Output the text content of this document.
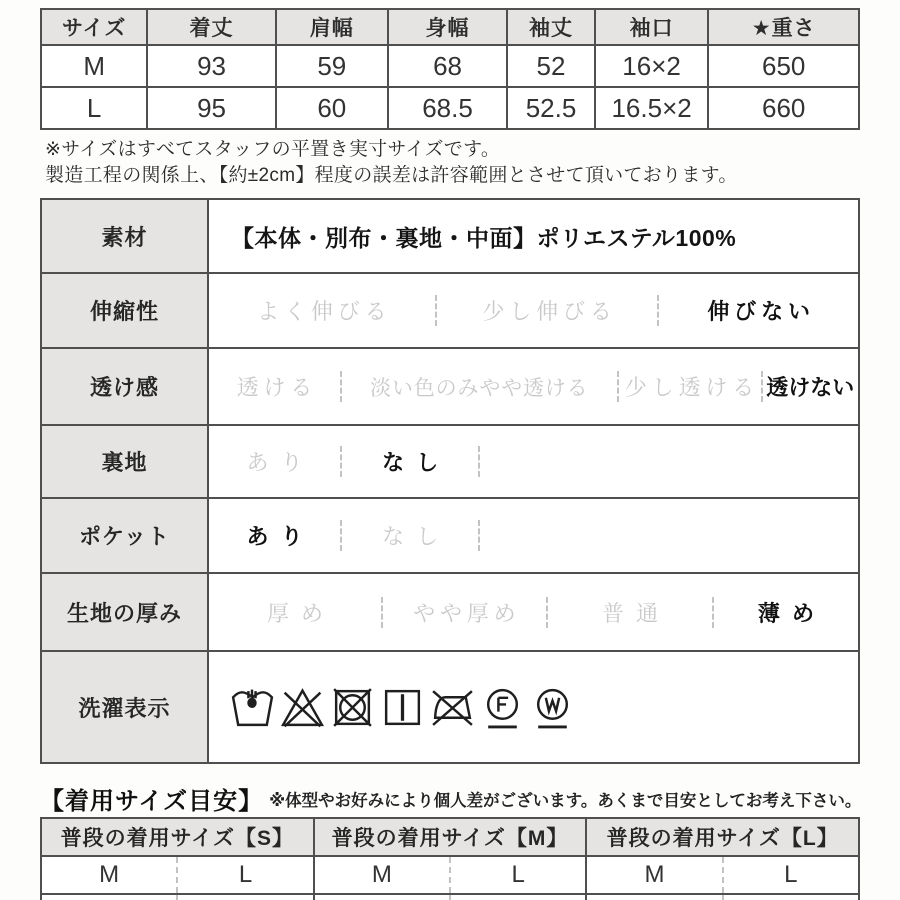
サイズ	着丈	肩幅	身幅	袖丈	袖口	★重さ
M	93	59	68	52	16×2	650
L	95	60	68.5	52.5	16.5×2	660
※サイズはすべてスタッフの平置き実寸サイズです。
製造工程の関係上、【約±2cm】程度の誤差は許容範囲とさせて頂いております。
素材	【本体・別布・裏地・中面】ポリエステル100%

伸縮性	よく伸びる 少し伸びる 伸びない

透け感	透ける 淡い色のみやや透ける 少し透ける 透けない

裏地	あり なし

ポケット	あり なし

生地の厚み	厚め やや厚め 普通 薄め

洗濯表示	
【着用サイズ目安】 ※体型やお好みにより個人差がございます。あくまで目安としてお考え下さい。
普段の着用サイズ【S】		普段の着用サイズ【M】		普段の着用サイズ【L】	
M	L	M	L	M	L
